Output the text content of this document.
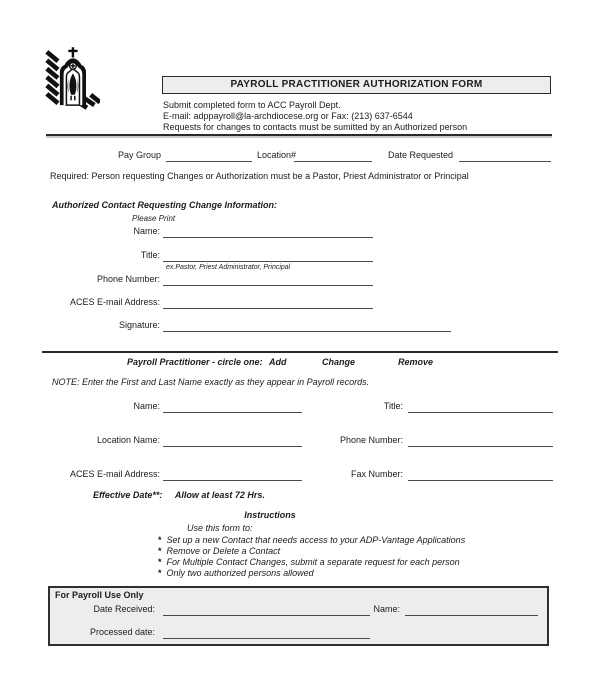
PAYROLL PRACTITIONER AUTHORIZATION FORM
Submit completed form to ACC Payroll Dept.
E-mail: adppayroll@la-archdiocese.org or Fax: (213) 637-6544
Requests for changes to contacts must be sumitted by an Authorized person
Pay Group	Location#	Date Requested
Required: Person requesting Changes or Authorization must be a Pastor, Priest Administrator or Principal
Authorized Contact Requesting Change Information:
Please Print
Name:
Title:
ex.Pastor, Priest Administrator, Principal
Phone Number:
ACES E-mail Address:
Signature:
Payroll Practitioner - circle one: Add	Change	Remove
NOTE: Enter the First and Last Name exactly as they appear in Payroll records.
Name:	Title:
Location Name:	Phone Number:
ACES E-mail Address:	Fax Number:
Effective Date**: Allow at least 72 Hrs.
Instructions
Use this form to:
* Set up a new Contact that needs access to your ADP-Vantage Applications
* Remove or Delete a Contact
* For Multiple Contact Changes, submit a separate request for each person
* Only two authorized persons allowed
For Payroll Use Only
Date Received:	Name:
Processed date:
